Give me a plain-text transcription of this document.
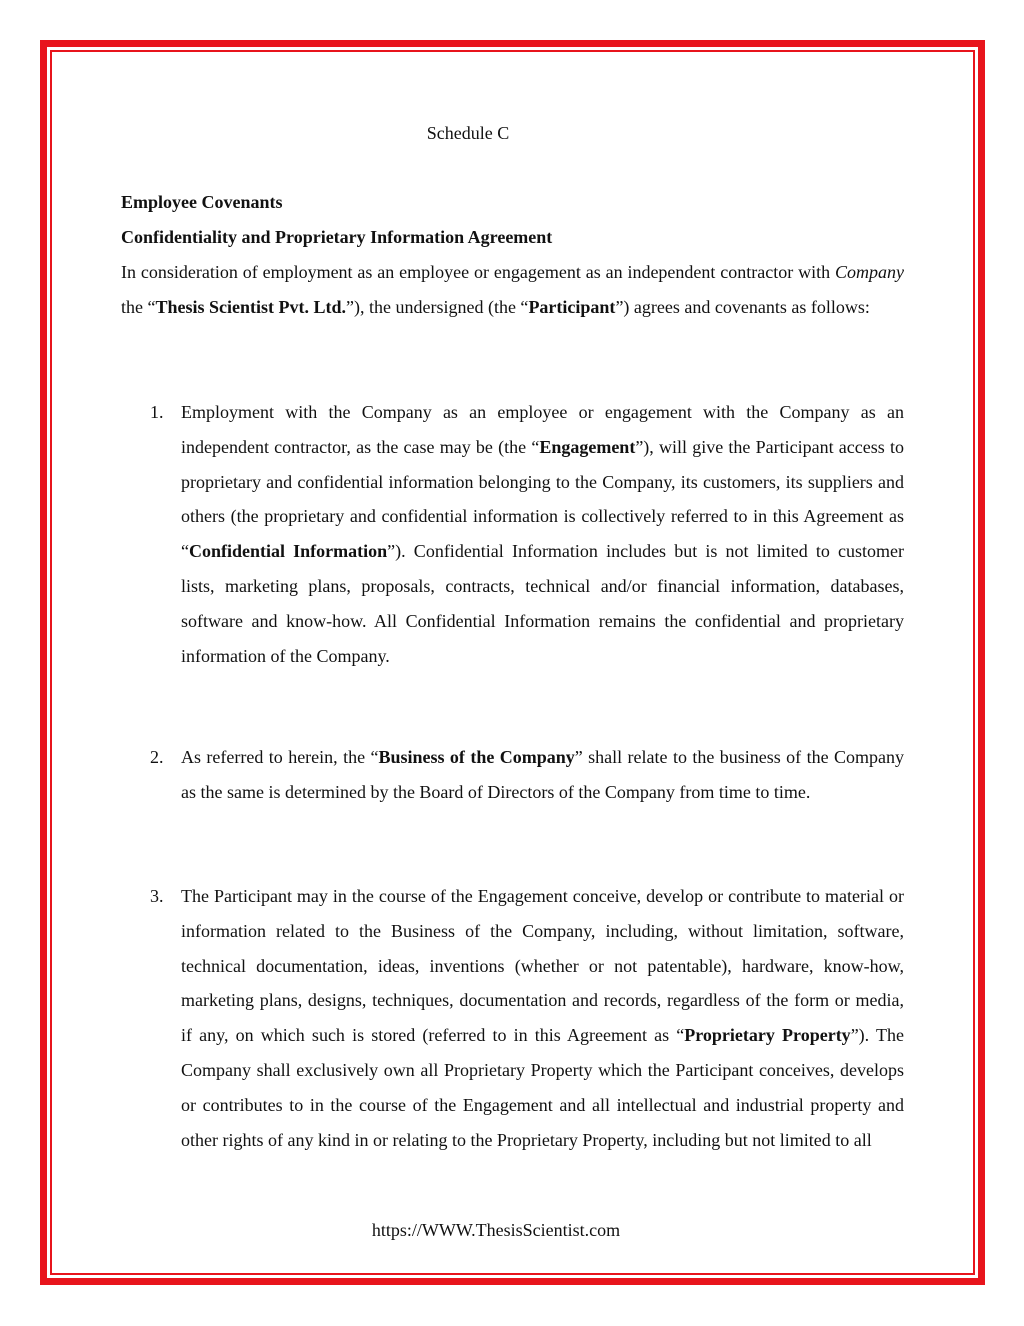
Schedule C
Employee Covenants
Confidentiality and Proprietary Information Agreement
In consideration of employment as an employee or engagement as an independent contractor with Company the “Thesis Scientist Pvt. Ltd.”), the undersigned (the “Participant”) agrees and covenants as follows:
1. Employment with the Company as an employee or engagement with the Company as an independent contractor, as the case may be (the “Engagement”), will give the Participant access to proprietary and confidential information belonging to the Company, its customers, its suppliers and others (the proprietary and confidential information is collectively referred to in this Agreement as “Confidential Information”). Confidential Information includes but is not limited to customer lists, marketing plans, proposals, contracts, technical and/or financial information, databases, software and know-how. All Confidential Information remains the confidential and proprietary information of the Company.
2. As referred to herein, the “Business of the Company” shall relate to the business of the Company as the same is determined by the Board of Directors of the Company from time to time.
3. The Participant may in the course of the Engagement conceive, develop or contribute to material or information related to the Business of the Company, including, without limitation, software, technical documentation, ideas, inventions (whether or not patentable), hardware, know-how, marketing plans, designs, techniques, documentation and records, regardless of the form or media, if any, on which such is stored (referred to in this Agreement as “Proprietary Property”). The Company shall exclusively own all Proprietary Property which the Participant conceives, develops or contributes to in the course of the Engagement and all intellectual and industrial property and other rights of any kind in or relating to the Proprietary Property, including but not limited to all
https://WWW.ThesisScientist.com
